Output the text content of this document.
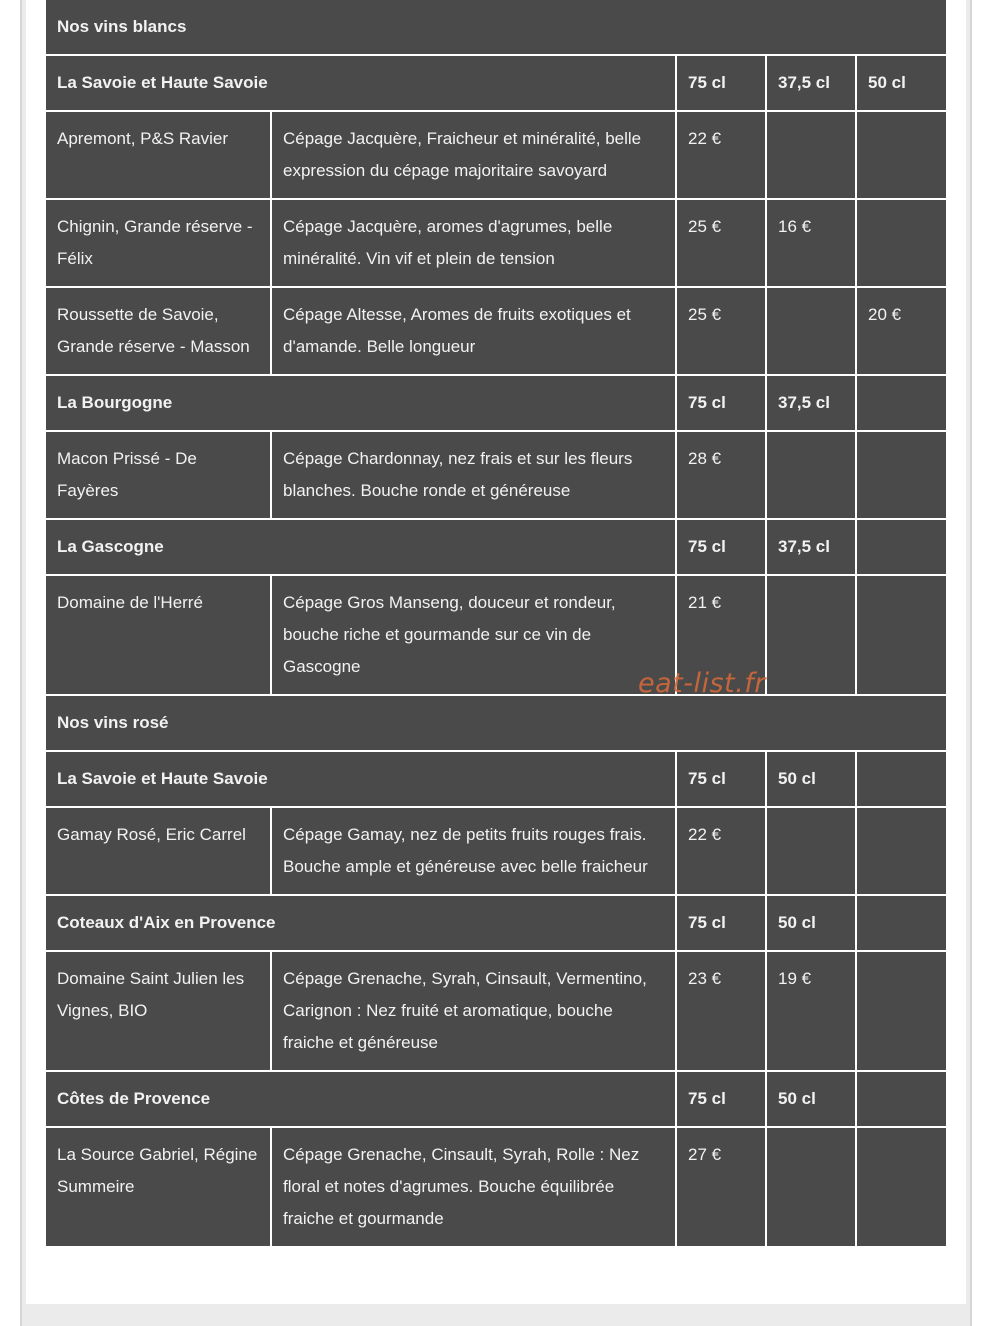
Nos vins blancs				
La Savoie et Haute Savoie		75 cl	37,5 cl	50 cl
Apremont, P&S Ravier	Cépage Jacquère, Fraicheur et minéralité, belle expression du cépage majoritaire savoyard	22 €		
Chignin, Grande réserve - Félix	Cépage Jacquère, aromes d'agrumes, belle minéralité. Vin vif et plein de tension	25 €	16 €	
Roussette de Savoie, Grande réserve - Masson	Cépage Altesse, Aromes de fruits exotiques et d'amande. Belle longueur	25 €		20 €
La Bourgogne		75 cl	37,5 cl	
Macon Prissé - De Fayères	Cépage Chardonnay, nez frais et sur les fleurs blanches. Bouche ronde et généreuse	28 €		
La Gascogne		75 cl	37,5 cl	
Domaine de l'Herré	Cépage Gros Manseng, douceur et rondeur, bouche riche et gourmande sur ce vin de Gascogne	21 €		
Nos vins rosé				
La Savoie et Haute Savoie		75 cl	50 cl	
Gamay Rosé, Eric Carrel	Cépage Gamay, nez de petits fruits rouges frais. Bouche ample et généreuse avec belle fraicheur	22 €		
Coteaux d'Aix en Provence		75 cl	50 cl	
Domaine Saint Julien les Vignes, BIO	Cépage Grenache, Syrah, Cinsault, Vermentino, Carignon : Nez fruité et aromatique, bouche fraiche et généreuse	23 €	19 €	
Côtes de Provence		75 cl	50 cl	
La Source Gabriel, Régine Summeire	Cépage Grenache, Cinsault, Syrah, Rolle : Nez floral et notes d'agrumes. Bouche équilibrée fraiche et gourmande	27 €		
eat-list.fr
